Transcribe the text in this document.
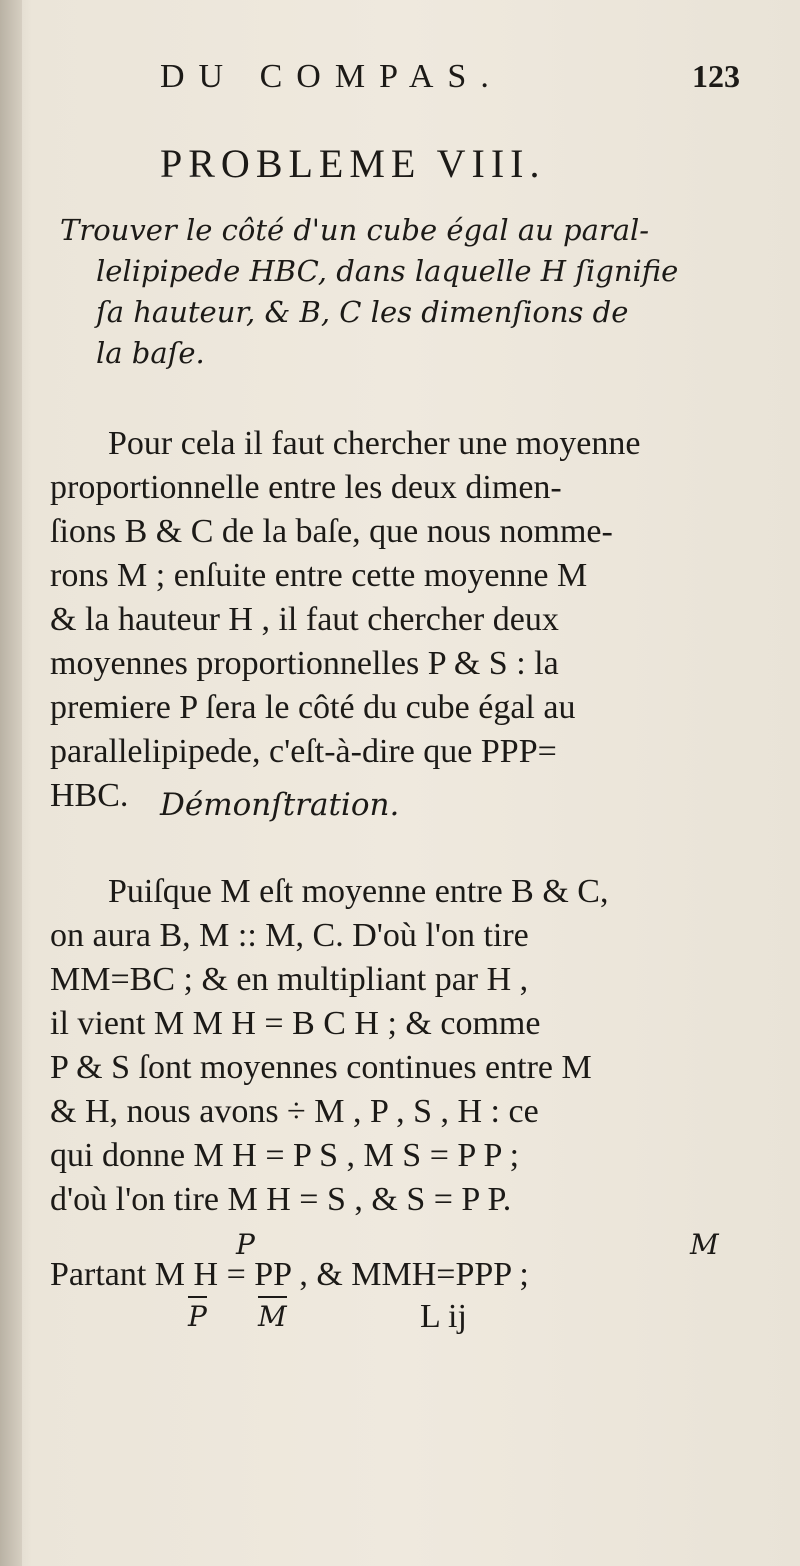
DU COMPAS.	123
PROBLEME VIII.

Trouver le côté d'un cube égal au paral-
lelipipede HBC, dans laquelle H ſignifie
ſa hauteur, & B, C les dimenſions de
la baſe.

Pour cela il faut chercher une moyenne
proportionnelle entre les deux dimen-
ſions B & C de la baſe, que nous nomme-
rons M ; enſuite entre cette moyenne M
& la hauteur H , il faut chercher deux
moyennes proportionnelles P & S : la
premiere P ſera le côté du cube égal au
parallelipipede, c'eſt-à-dire que PPP=
HBC.	Démonſtration.

Puiſque M eſt moyenne entre B & C,
on aura B, M :: M, C. D'où l'on tire
MM=BC ; & en multipliant par H ,
il vient M M H = B C H ; & comme
P & S ſont moyennes continues entre M
& H, nous avons ÷ M , P , S , H : ce
qui donne M H = P S , M S = P P ;
d'où l'on tire M H = S , & S = P P.

P	M
Partant M H = PP , & MMH=PPP ;
P M	L ij
